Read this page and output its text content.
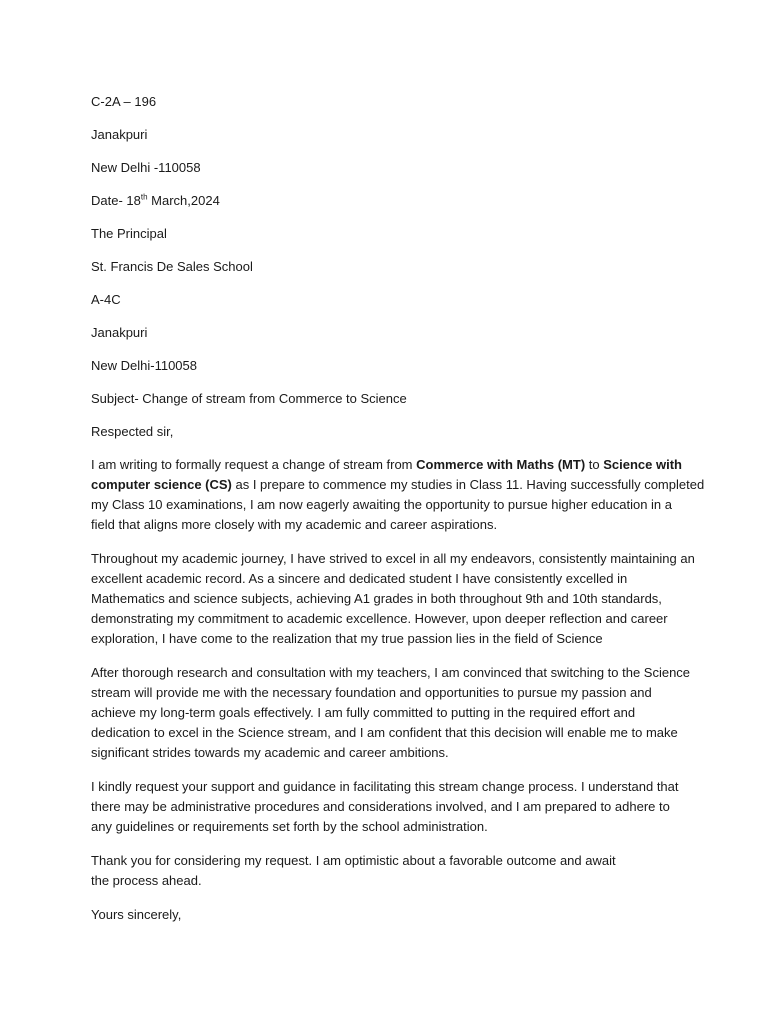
C-2A – 196
Janakpuri
New Delhi -110058
Date- 18th March,2024
The Principal
St. Francis De Sales School
A-4C
Janakpuri
New Delhi-110058
Subject- Change of stream from Commerce to Science
Respected sir,
I am writing to formally request a change of stream from Commerce with Maths (MT) to Science with
computer science (CS) as I prepare to commence my studies in Class 11. Having successfully completed
my Class 10 examinations, I am now eagerly awaiting the opportunity to pursue higher education in a
field that aligns more closely with my academic and career aspirations.
Throughout my academic journey, I have strived to excel in all my endeavors, consistently maintaining an
excellent academic record. As a sincere and dedicated student I have consistently excelled in
Mathematics and science subjects, achieving A1 grades in both throughout 9th and 10th standards,
demonstrating my commitment to academic excellence. However, upon deeper reflection and career
exploration, I have come to the realization that my true passion lies in the field of Science
After thorough research and consultation with my teachers, I am convinced that switching to the Science
stream will provide me with the necessary foundation and opportunities to pursue my passion and
achieve my long-term goals effectively. I am fully committed to putting in the required effort and
dedication to excel in the Science stream, and I am confident that this decision will enable me to make
significant strides towards my academic and career ambitions.
I kindly request your support and guidance in facilitating this stream change process. I understand that
there may be administrative procedures and considerations involved, and I am prepared to adhere to
any guidelines or requirements set forth by the school administration.
Thank you for considering my request. I am optimistic about a favorable outcome and await
the process ahead.
Yours sincerely,
